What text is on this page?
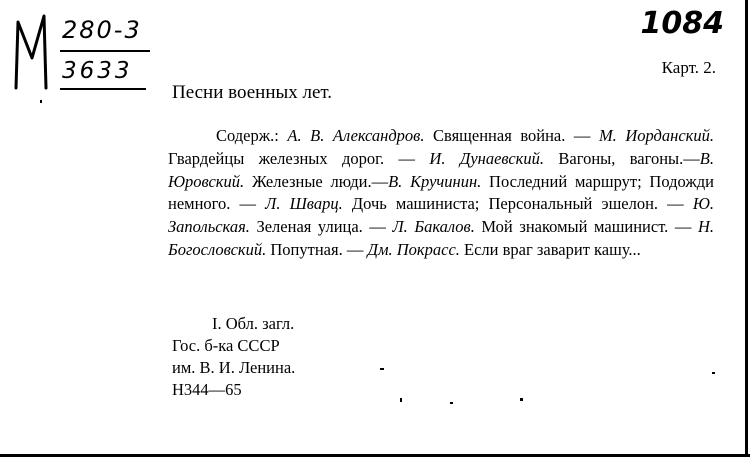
280-3
3633
1084
Карт. 2.
Песни военных лет.
Содерж.: А. В. Александров. Священная война. — М. Иорданский. Гвардейцы железных дорог. — И. Дунаевский. Вагоны, вагоны.—В. Юровский. Железные люди.—В. Кручинин. Последний маршрут; Подожди немного. — Л. Шварц. Дочь машиниста; Персональный эшелон. — Ю. Запольская. Зеленая улица. — Л. Бакалов. Мой знакомый машинист. — Н. Богословский. Попутная. — Дм. Покрасс. Если враг заварит кашу...
I. Обл. загл.
Гос. б-ка СССР
им. В. И. Ленина.
Н344—65
